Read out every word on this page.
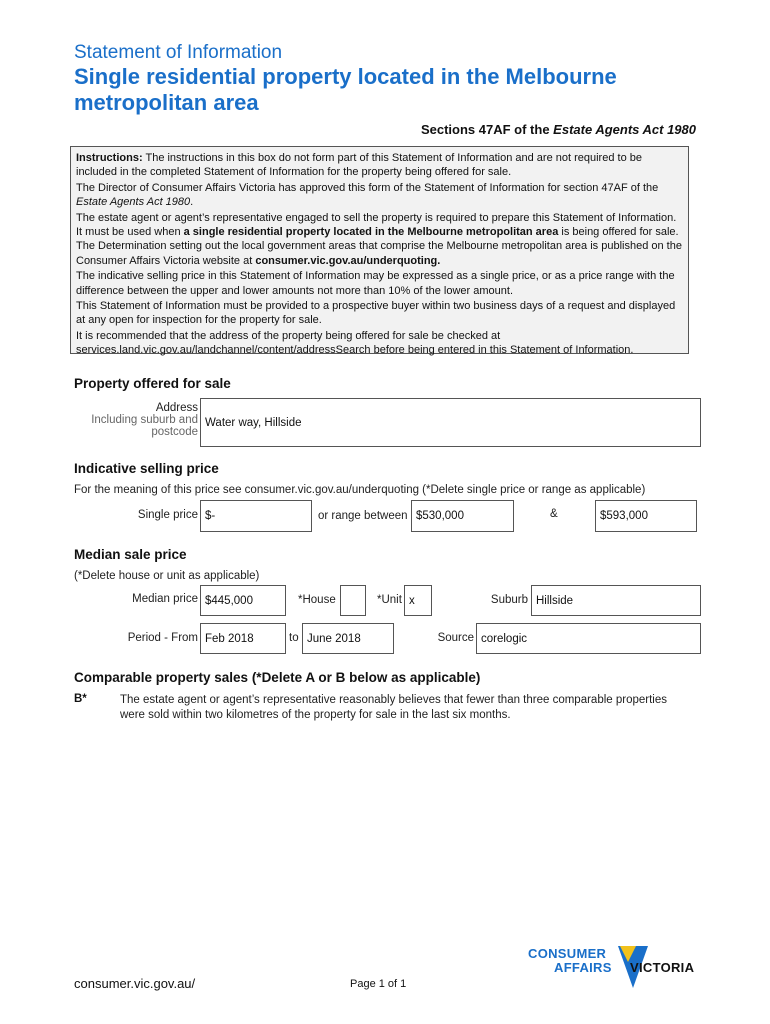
Statement of Information
Single residential property located in the Melbourne metropolitan area
Sections 47AF of the Estate Agents Act 1980

Instructions: The instructions in this box do not form part of this Statement of Information and are not required to be included in the completed Statement of Information for the property being offered for sale.

The Director of Consumer Affairs Victoria has approved this form of the Statement of Information for section 47AF of the Estate Agents Act 1980.

The estate agent or agent’s representative engaged to sell the property is required to prepare this Statement of Information. It must be used when a single residential property located in the Melbourne metropolitan area is being offered for sale. The Determination setting out the local government areas that comprise the Melbourne metropolitan area is published on the Consumer Affairs Victoria website at consumer.vic.gov.au/underquoting.

The indicative selling price in this Statement of Information may be expressed as a single price, or as a price range with the difference between the upper and lower amounts not more than 10% of the lower amount.

This Statement of Information must be provided to a prospective buyer within two business days of a request and displayed at any open for inspection for the property for sale.

It is recommended that the address of the property being offered for sale be checked at services.land.vic.gov.au/landchannel/content/addressSearch before being entered in this Statement of Information.

Property offered for sale
Address
Including suburb and
postcode
Water way, Hillside
Indicative selling price
For the meaning of this price see consumer.vic.gov.au/underquoting (*Delete single price or range as applicable)
Single price $-	or range between $530,000	&	$593,000
Median sale price
(*Delete house or unit as applicable)
Median price $445,000	*House	*Unit x	Suburb Hillside
Period - From Feb 2018	to June 2018	Source corelogic
Comparable property sales (*Delete A or B below as applicable)
B*	The estate agent or agent’s representative reasonably believes that fewer than three comparable properties were sold within two kilometres of the property for sale in the last six months.
consumer.vic.gov.au/	Page 1 of 1
CONSUMER
AFFAIRS VICTORIA
